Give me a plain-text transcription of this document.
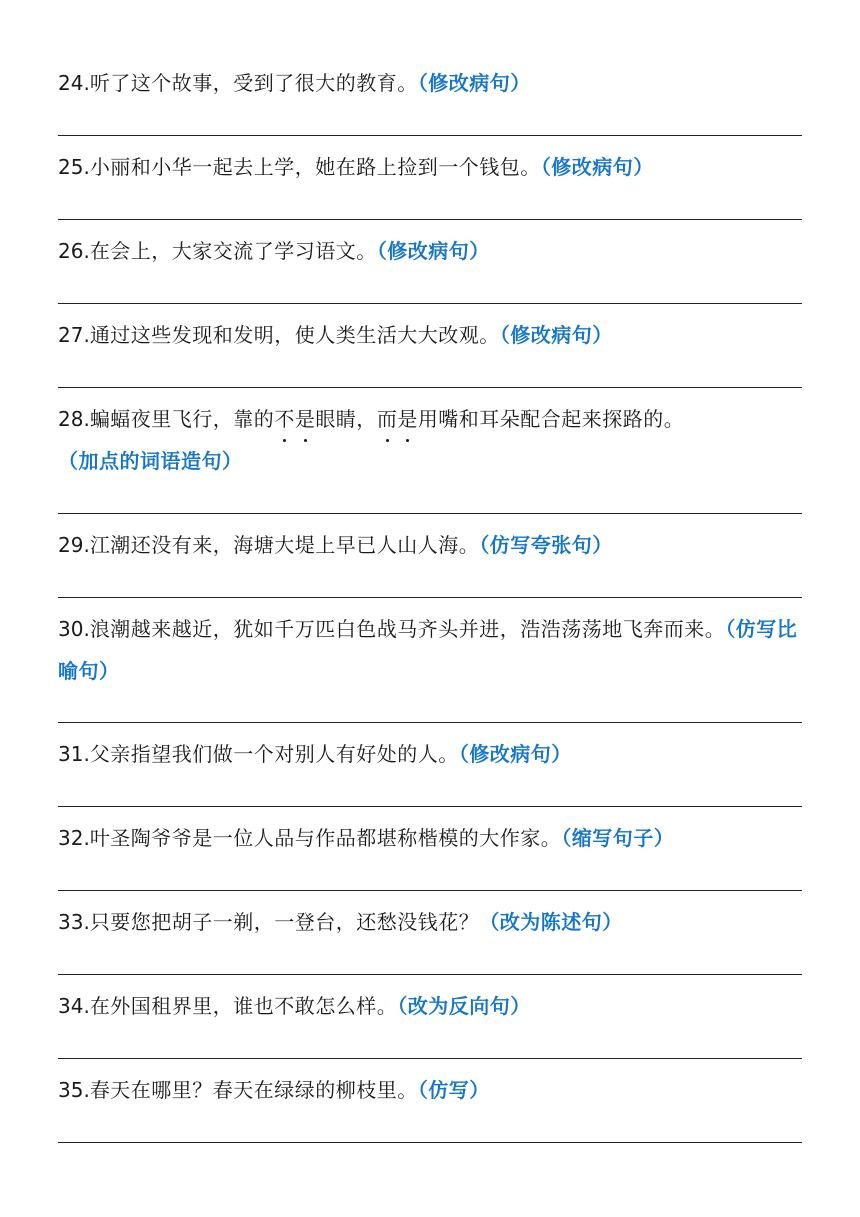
24.听了这个故事，受到了很大的教育。（修改病句）
25.小丽和小华一起去上学，她在路上捡到一个钱包。（修改病句）
26.在会上，大家交流了学习语文。（修改病句）
27.通过这些发现和发明，使人类生活大大改观。（修改病句）
28.蝙蝠夜里飞行，靠的不是眼睛，而是用嘴和耳朵配合起来探路的。
（加点的词语造句）
29.江潮还没有来，海塘大堤上早已人山人海。（仿写夸张句）
30.浪潮越来越近，犹如千万匹白色战马齐头并进，浩浩荡荡地飞奔而来。（仿写比喻句）
31.父亲指望我们做一个对别人有好处的人。（修改病句）
32.叶圣陶爷爷是一位人品与作品都堪称楷模的大作家。（缩写句子）
33.只要您把胡子一剃，一登台，还愁没钱花？（改为陈述句）
34.在外国租界里，谁也不敢怎么样。（改为反向句）
35.春天在哪里？春天在绿绿的柳枝里。（仿写）
